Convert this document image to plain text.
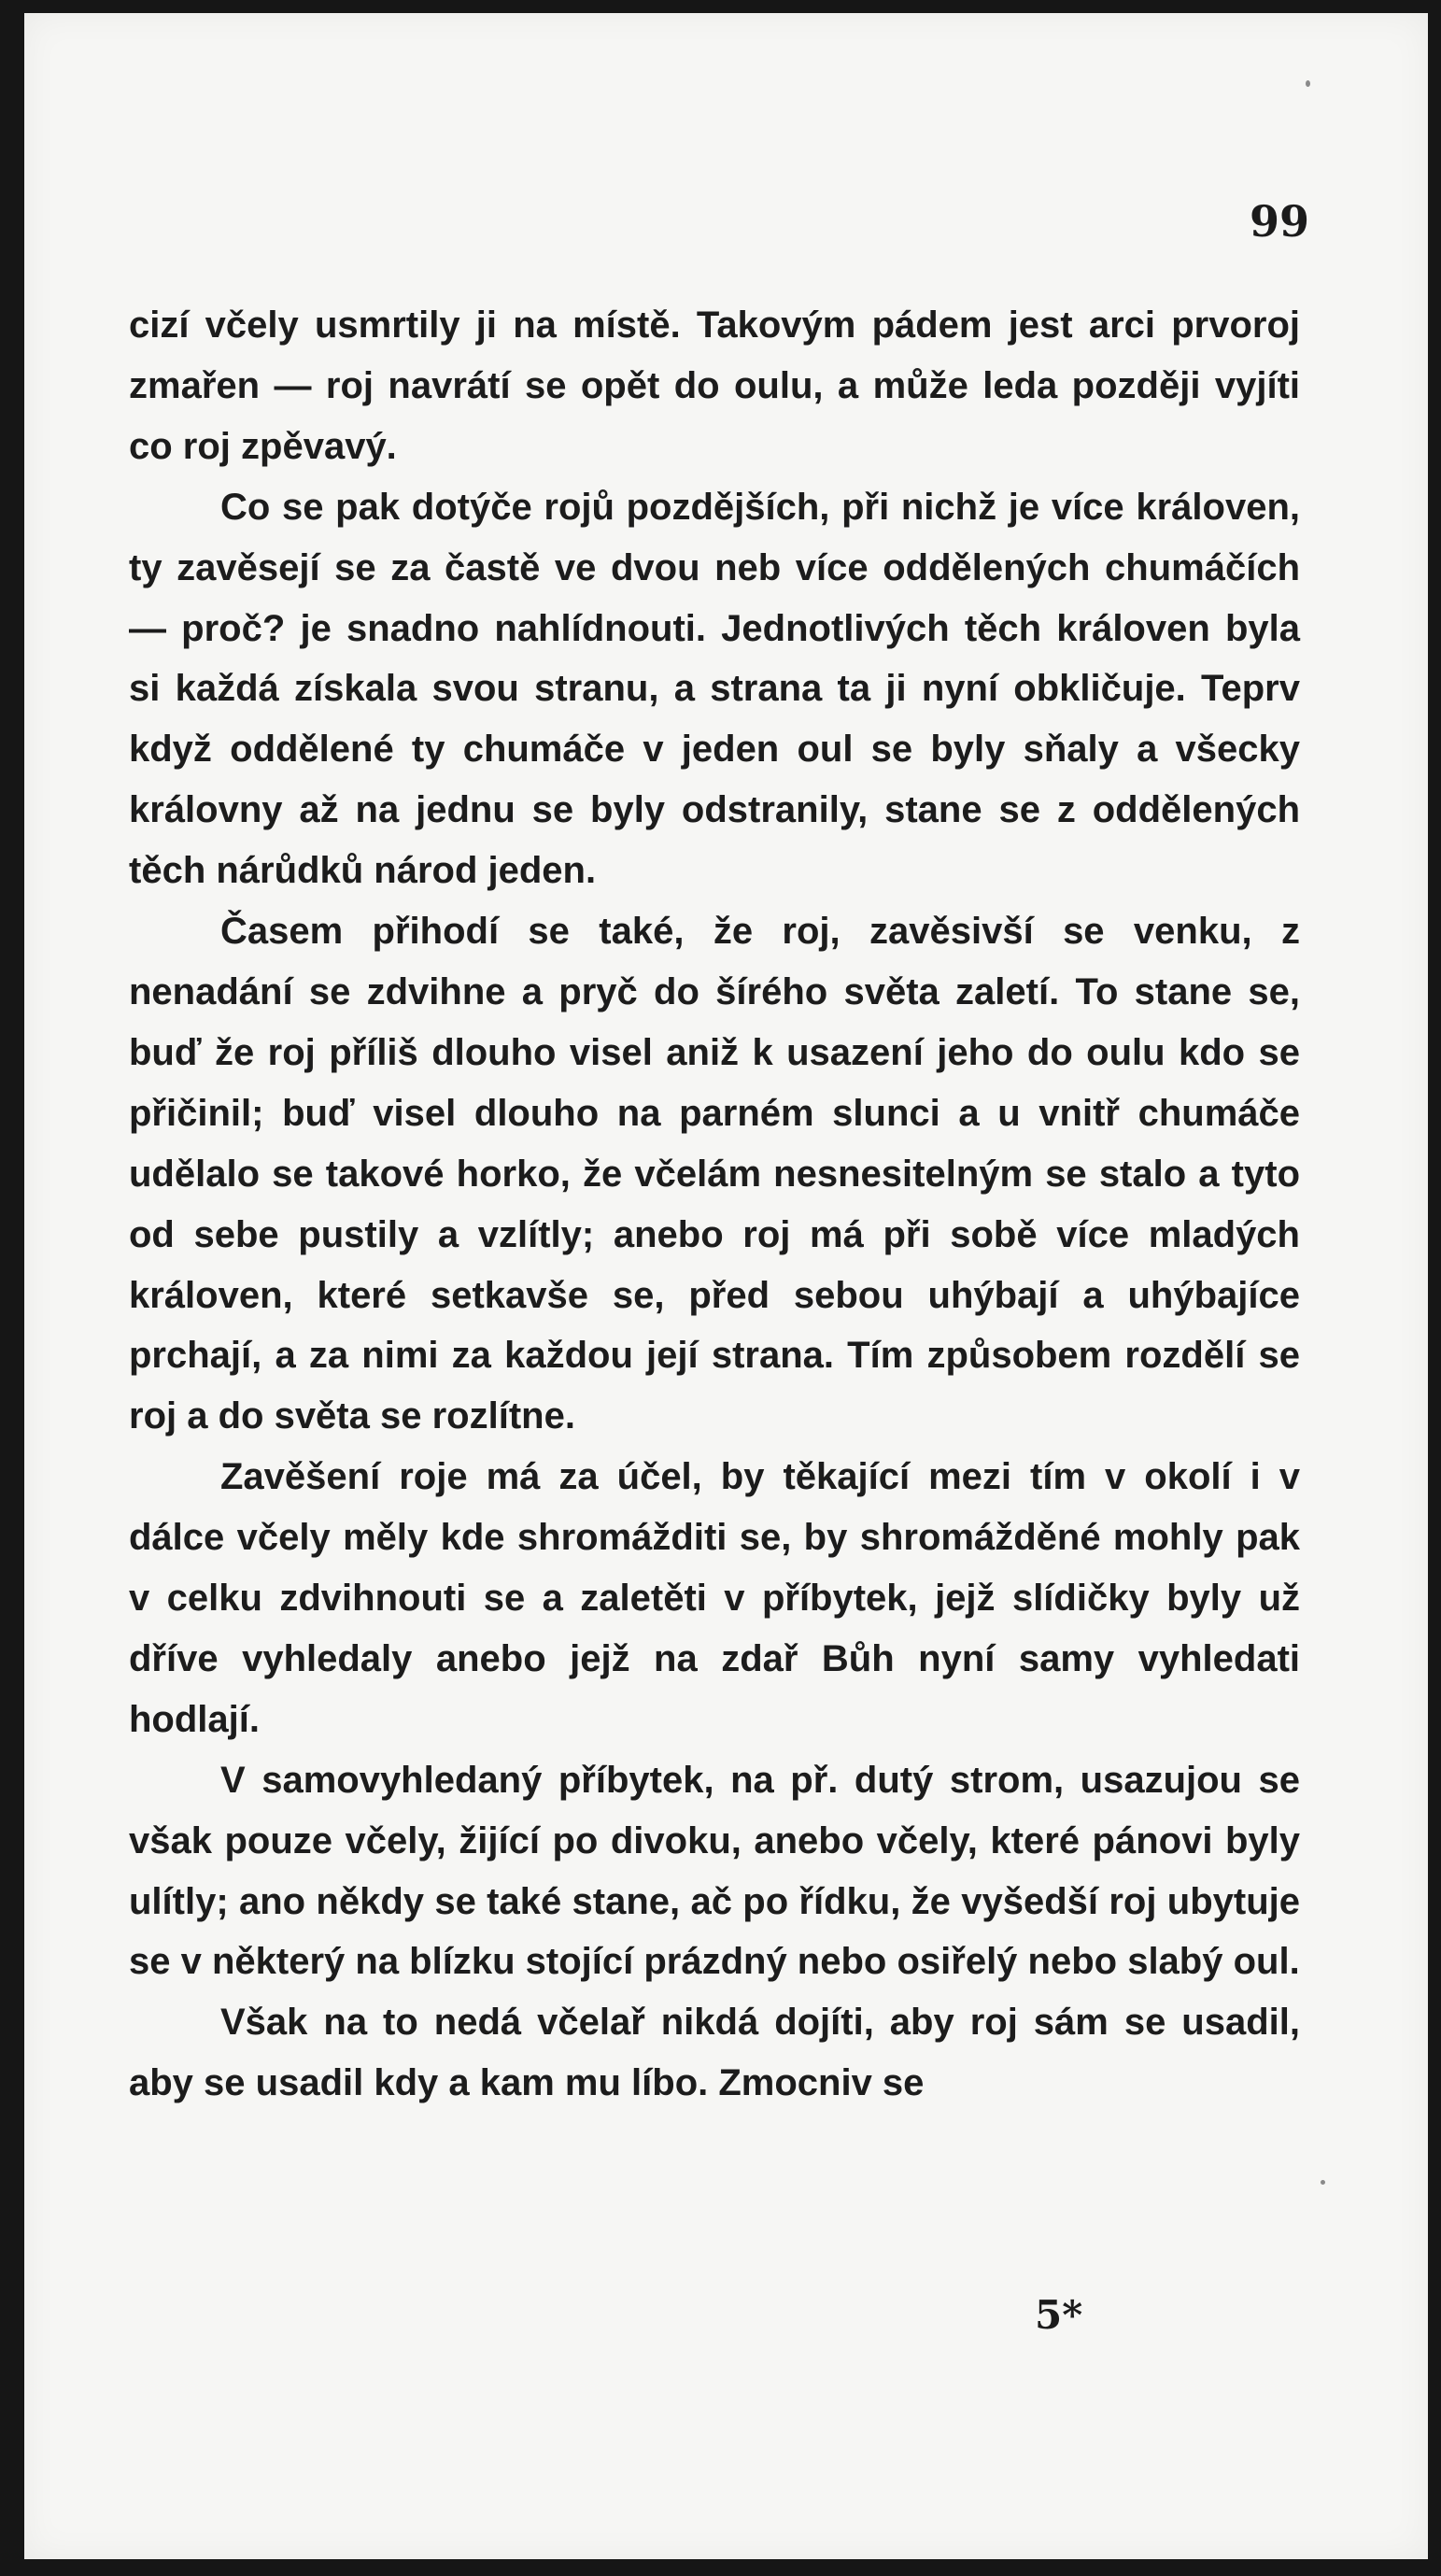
99

cizí včely usmrtily ji na místě. Takovým pádem jest arci prvoroj zmařen — roj navrátí se opět do oulu, a může leda později vyjíti co roj zpěvavý.

Co se pak dotýče rojů pozdějších, při nichž je více královen, ty zavěsejí se za častě ve dvou neb více oddělených chumáčích — proč? je snadno nahlídnouti. Jednotlivých těch královen byla si každá získala svou stranu, a strana ta ji nyní obkličuje. Teprv když oddělené ty chumáče v jeden oul se byly sňaly a všecky královny až na jednu se byly odstranily, stane se z oddělených těch nárůdků národ jeden.

Časem přihodí se také, že roj, zavěsivší se venku, z nenadání se zdvihne a pryč do šírého světa zaletí. To stane se, buď že roj příliš dlouho visel aniž k usazení jeho do oulu kdo se přičinil; buď visel dlouho na parném slunci a u vnitř chumáče udělalo se takové horko, že včelám nesnesitelným se stalo a tyto od sebe pustily a vzlítly; anebo roj má při sobě více mladých královen, které setkavše se, před sebou uhýbají a uhýbajíce prchají, a za nimi za každou její strana. Tím způsobem rozdělí se roj a do světa se rozlítne.

Zavěšení roje má za účel, by těkající mezi tím v okolí i v dálce včely měly kde shromážditi se, by shromážděné mohly pak v celku zdvihnouti se a zaletěti v příbytek, jejž slídičky byly už dříve vyhledaly anebo jejž na zdař Bůh nyní samy vyhledati hodlají.

V samovyhledaný příbytek, na př. dutý strom, usazujou se však pouze včely, žijící po divoku, anebo včely, které pánovi byly ulítly; ano někdy se také stane, ač po řídku, že vyšedší roj ubytuje se v některý na blízku stojící prázdný nebo osiřelý nebo slabý oul.

Však na to nedá včelař nikdá dojíti, aby roj sám se usadil, aby se usadil kdy a kam mu líbo. Zmocniv se

5*
